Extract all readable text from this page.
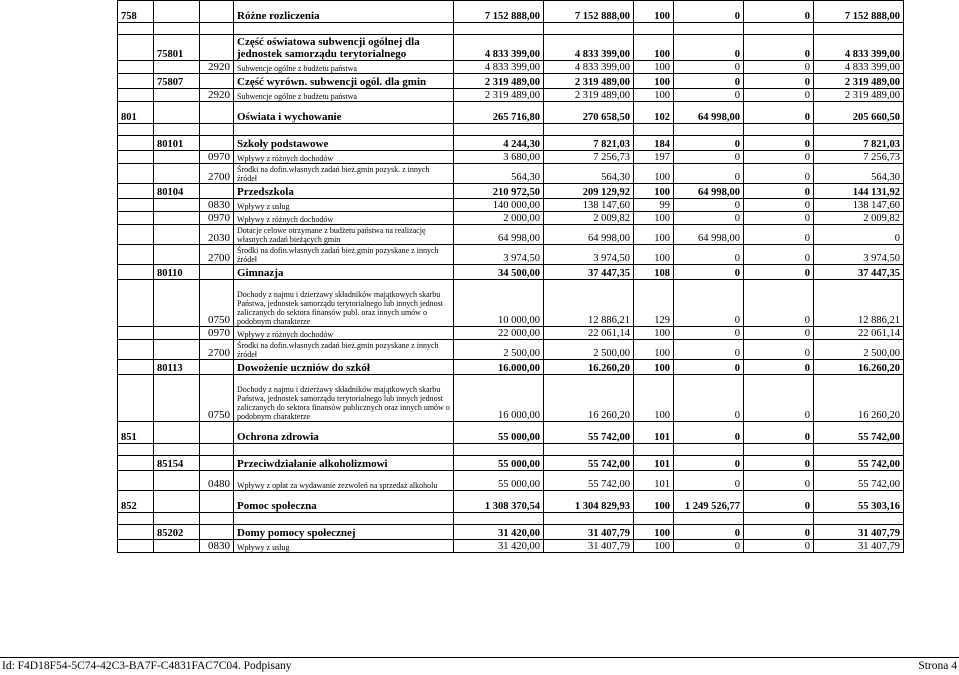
758			Różne rozliczenia	7 152 888,00	7 152 888,00	100	0	0	7 152 888,00

	75801		Część oświatowa subwencji ogólnej dla jednostek samorządu terytorialnego	4 833 399,00	4 833 399,00	100	0	0	4 833 399,00
		2920	Subwencje ogólne z budżetu państwa	4 833 399,00	4 833 399,00	100	0	0	4 833 399,00
	75807		Część wyrówn. subwencji ogól. dla gmin	2 319 489,00	2 319 489,00	100	0	0	2 319 489,00
		2920	Subwencje ogólne z budżetu państwa	2 319 489,00	2 319 489,00	100	0	0	2 319 489,00
801			Oświata i wychowanie	265 716,80	270 658,50	102	64 998,00	0	205 660,50

	80101		Szkoły podstawowe	4 244,30	7 821,03	184	0	0	7 821,03
		0970	Wpływy z różnych dochodów	3 680,00	7 256,73	197	0	0	7 256,73
		2700	Środki na dofin.własnych zadań bież.gmin pozysk. z innych źródeł	564,30	564,30	100	0	0	564,30
	80104		Przedszkola	210 972,50	209 129,92	100	64 998,00	0	144 131,92
		0830	Wpływy z usług	140 000,00	138 147,60	99	0	0	138 147,60
		0970	Wpływy z różnych dochodów	2 000,00	2 009,82	100	0	0	2 009,82
		2030	Dotacje celowe otrzymane z budżetu państwa na realizację własnych zadań bieżących gmin	64 998,00	64 998,00	100	64 998,00	0	0
		2700	Środki na dofin.własnych zadań bież.gmin pozyskane z innych źródeł	3 974,50	3 974,50	100	0	0	3 974,50
	80110		Gimnazja	34 500,00	37 447,35	108	0	0	37 447,35
		0750	Dochody z najmu i dzierżawy składników majątkowych skarbu Państwa, jednostek samorządu terytorialnego lub innych jednost zaliczanych do sektora finansów publ. oraz innych umów o podobnym charakterze	10 000,00	12 886,21	129	0	0	12 886,21
		0970	Wpływy z różnych dochodów	22 000,00	22 061,14	100	0	0	22 061,14
		2700	Środki na dofin.własnych zadań bież.gmin pozyskane z innych źródeł	2 500,00	2 500,00	100	0	0	2 500,00
	80113		Dowożenie uczniów do szkół	16.000,00	16.260,20	100	0	0	16.260,20
		0750	Dochody z najmu i dzierżawy składników majątkowych skarbu Państwa, jednostek samorządu terytorialnego lub innych jednost zaliczanych do sektora finansów publicznych oraz innych umów o podobnym charakterze	16 000,00	16 260,20	100	0	0	16 260,20
851			Ochrona zdrowia	55 000,00	55 742,00	101	0	0	55 742,00

	85154		Przeciwdziałanie alkoholizmowi	55 000,00	55 742,00	101	0	0	55 742,00
		0480	Wpływy z opłat za wydawanie zezwoleń na sprzedaż alkoholu	55 000,00	55 742,00	101	0	0	55 742,00
852			Pomoc społeczna	1 308 370,54	1 304 829,93	100	1 249 526,77	0	55 303,16

	85202		Domy pomocy społecznej	31 420,00	31 407,79	100	0	0	31 407,79
		0830	Wpływy z usług	31 420,00	31 407,79	100	0	0	31 407,79
Id: F4D18F54-5C74-42C3-BA7F-C4831FAC7C04. Podpisany	Strona 4
